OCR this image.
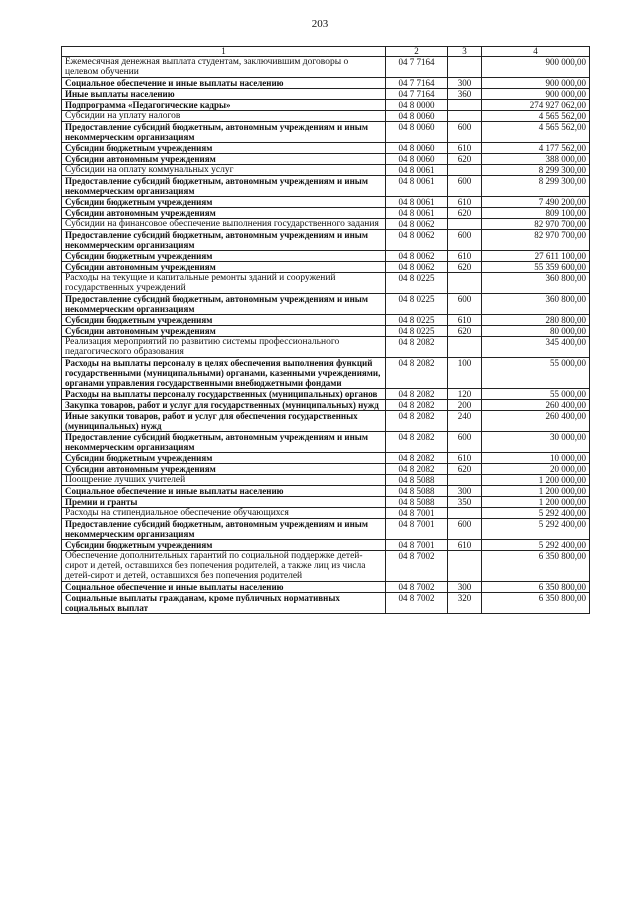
203
1	2	3	4
Ежемесячная денежная выплата студентам, заключившим договоры о целевом обучении	04 7 7164		900 000,00
Социальное обеспечение и иные выплаты населению	04 7 7164	300	900 000,00
Иные выплаты населению	04 7 7164	360	900 000,00
Подпрограмма «Педагогические кадры»	04 8 0000		274 927 062,00
Субсидии на уплату налогов	04 8 0060		4 565 562,00
Предоставление субсидий бюджетным, автономным учреждениям и иным некоммерческим организациям	04 8 0060	600	4 565 562,00
Субсидии бюджетным учреждениям	04 8 0060	610	4 177 562,00
Субсидии автономным учреждениям	04 8 0060	620	388 000,00
Субсидии на оплату коммунальных услуг	04 8 0061		8 299 300,00
Предоставление субсидий бюджетным, автономным учреждениям и иным некоммерческим организациям	04 8 0061	600	8 299 300,00
Субсидии бюджетным учреждениям	04 8 0061	610	7 490 200,00
Субсидии автономным учреждениям	04 8 0061	620	809 100,00
Субсидии на финансовое обеспечение выполнения государственного задания	04 8 0062		82 970 700,00
Предоставление субсидий бюджетным, автономным учреждениям и иным некоммерческим организациям	04 8 0062	600	82 970 700,00
Субсидии бюджетным учреждениям	04 8 0062	610	27 611 100,00
Субсидии автономным учреждениям	04 8 0062	620	55 359 600,00
Расходы на текущие и капитальные ремонты зданий и сооружений государственных учреждений	04 8 0225		360 800,00
Предоставление субсидий бюджетным, автономным учреждениям и иным некоммерческим организациям	04 8 0225	600	360 800,00
Субсидии бюджетным учреждениям	04 8 0225	610	280 800,00
Субсидии автономным учреждениям	04 8 0225	620	80 000,00
Реализация мероприятий по развитию системы профессионального педагогического образования	04 8 2082		345 400,00
Расходы на выплаты персоналу в целях обеспечения выполнения функций государственными (муниципальными) органами, казенными учреждениями, органами управления государственными внебюджетными фондами	04 8 2082	100	55 000,00
Расходы на выплаты персоналу государственных (муниципальных) органов	04 8 2082	120	55 000,00
Закупка товаров, работ и услуг для государственных (муниципальных) нужд	04 8 2082	200	260 400,00
Иные закупки товаров, работ и услуг для обеспечения государственных (муниципальных) нужд	04 8 2082	240	260 400,00
Предоставление субсидий бюджетным, автономным учреждениям и иным некоммерческим организациям	04 8 2082	600	30 000,00
Субсидии бюджетным учреждениям	04 8 2082	610	10 000,00
Субсидии автономным учреждениям	04 8 2082	620	20 000,00
Поощрение лучших учителей	04 8 5088		1 200 000,00
Социальное обеспечение и иные выплаты населению	04 8 5088	300	1 200 000,00
Премии и гранты	04 8 5088	350	1 200 000,00
Расходы на стипендиальное обеспечение обучающихся	04 8 7001		5 292 400,00
Предоставление субсидий бюджетным, автономным учреждениям и иным некоммерческим организациям	04 8 7001	600	5 292 400,00
Субсидии бюджетным учреждениям	04 8 7001	610	5 292 400,00
Обеспечение дополнительных гарантий по социальной поддержке детей-сирот и детей, оставшихся без попечения родителей, а также лиц из числа детей-сирот и детей, оставшихся без попечения родителей	04 8 7002		6 350 800,00
Социальное обеспечение и иные выплаты населению	04 8 7002	300	6 350 800,00
Социальные выплаты гражданам, кроме публичных нормативных социальных выплат	04 8 7002	320	6 350 800,00
